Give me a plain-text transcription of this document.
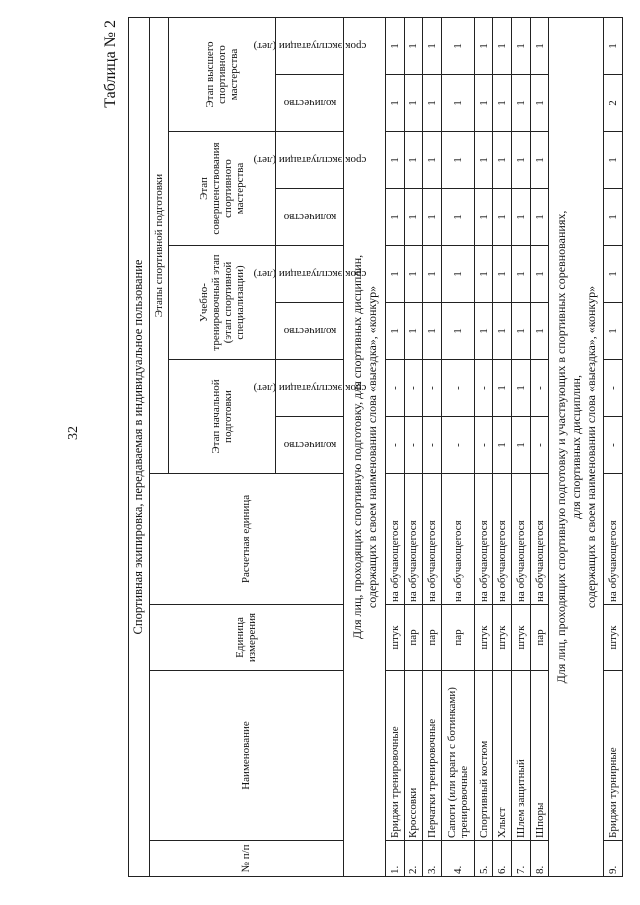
32
Таблица № 2
Спортивная экипировка, передаваемая в индивидуальное пользование											
№ п/п	Наименование	Единица измерения	Расчетная единица	Этапы спортивной подготовки							
				Этап начальной подготовки		Учебно-тренировочный этап (этап спортивной специализации)		Этап совершенствования спортивного мастерства		Этап высшего спортивного мастерства	

				количество	срок эксплуатации (лет)	количество	срок эксплуатации (лет)	количество	срок эксплуатации (лет)	количество	срок эксплуатации (лет)

Для лиц, проходящих спортивную подготовку, для спортивных дисциплин, содержащих в своем наименовании слова «выездка», «конкур»											

1.	Бриджи тренировочные	штук	на обучающегося	-	-	1	1	1	1	1	1
2.	Кроссовки	пар	на обучающегося	-	-	1	1	1	1	1	1
3.	Перчатки тренировочные	пар	на обучающегося	-	-	1	1	1	1	1	1
4.	Сапоги (или краги с ботинками) тренировочные	пар	на обучающегося	-	-	1	1	1	1	1	1
5.	Спортивный костюм	штук	на обучающегося	-	-	1	1	1	1	1	1
6.	Хлыст	штук	на обучающегося	1	1	1	1	1	1	1	1
7.	Шлем защитный	штук	на обучающегося	1	1	1	1	1	1	1	1
8.	Шпоры	пар	на обучающегося	-	-	1	1	1	1	1	1

Для лиц, проходящих спортивную подготовку и участвующих в спортивных соревнованиях, для спортивных дисциплин, содержащих в своем наименовании слова «выездка», «конкур»											

9.	Бриджи турнирные	штук	на обучающегося	-	-	1	1	1	1	2	1
